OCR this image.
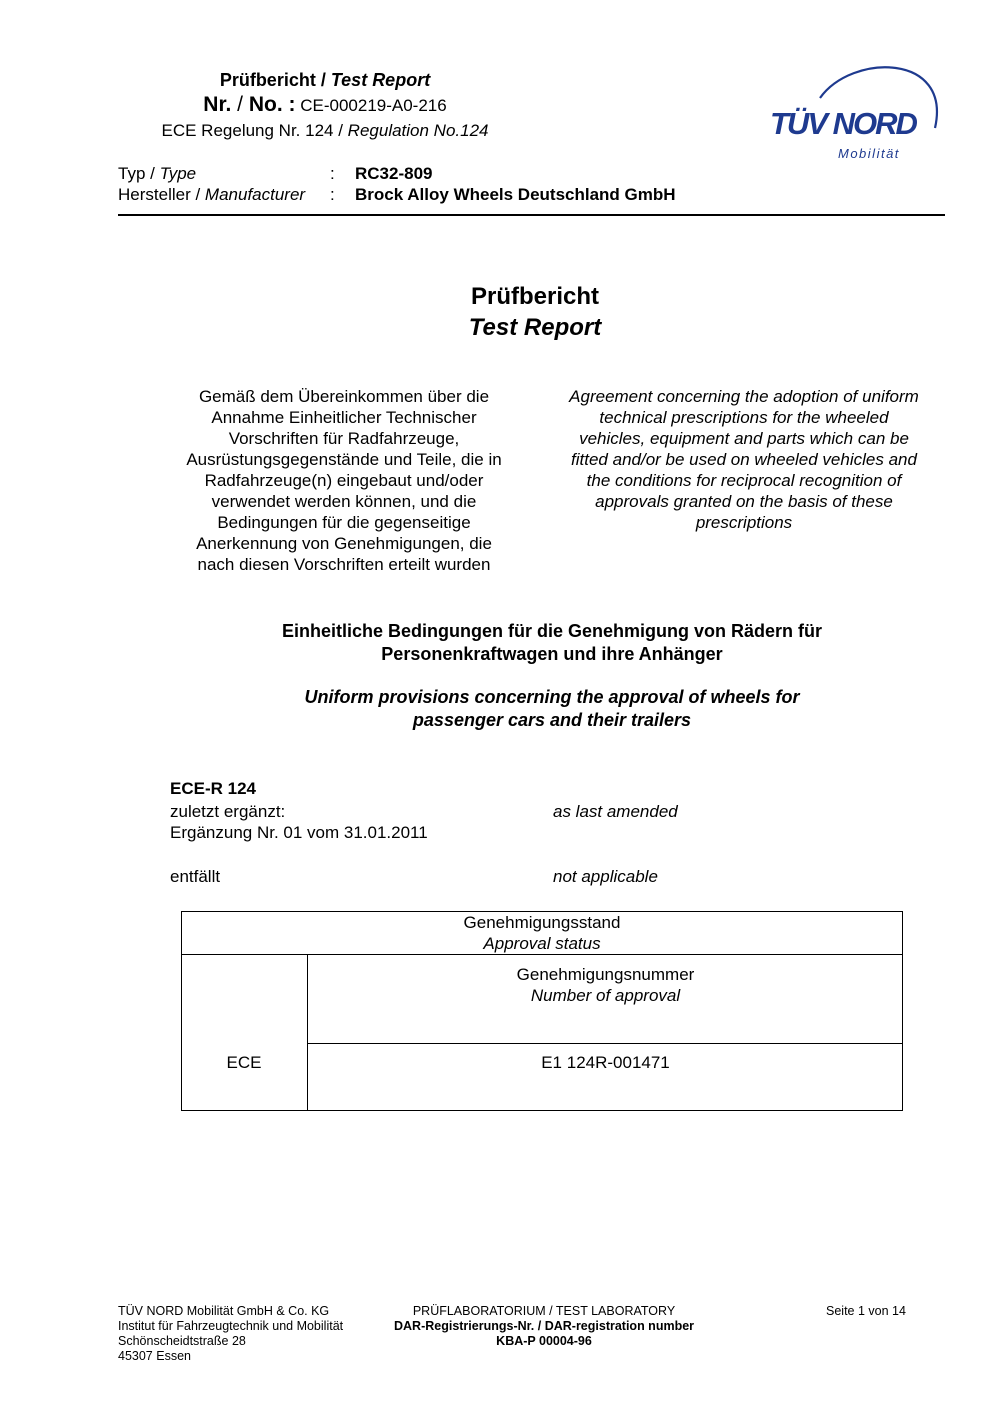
Prüfbericht / Test Report
Nr. / No. : CE-000219-A0-216
ECE Regelung Nr. 124 / Regulation No.124
Typ / Type	: RC32-809
Hersteller / Manufacturer : Brock Alloy Wheels Deutschland GmbH
TÜV NORD
Mobilität
Prüfbericht
Test Report
Gemäß dem Übereinkommen über die
Annahme Einheitlicher Technischer
Vorschriften für Radfahrzeuge,
Ausrüstungsgegenstände und Teile, die in
Radfahrzeuge(n) eingebaut und/oder
verwendet werden können, und die
Bedingungen für die gegenseitige
Anerkennung von Genehmigungen, die
nach diesen Vorschriften erteilt wurden
Agreement concerning the adoption of uniform
technical prescriptions for the wheeled
vehicles, equipment and parts which can be
fitted and/or be used on wheeled vehicles and
the conditions for reciprocal recognition of
approvals granted on the basis of these
prescriptions
Einheitliche Bedingungen für die Genehmigung von Rädern für
Personenkraftwagen und ihre Anhänger
Uniform provisions concerning the approval of wheels for
passenger cars and their trailers
ECE-R 124
zuletzt ergänzt:	as last amended
Ergänzung Nr. 01 vom 31.01.2011
entfällt	not applicable
Genehmigungsstand
Approval status
Genehmigungsnummer
Number of approval
ECE	E1 124R-001471
TÜV NORD Mobilität GmbH & Co. KG
Institut für Fahrzeugtechnik und Mobilität
Schönscheidtstraße 28
45307 Essen
PRÜFLABORATORIUM / TEST LABORATORY
DAR-Registrierungs-Nr. / DAR-registration number
KBA-P 00004-96
Seite 1 von 14
